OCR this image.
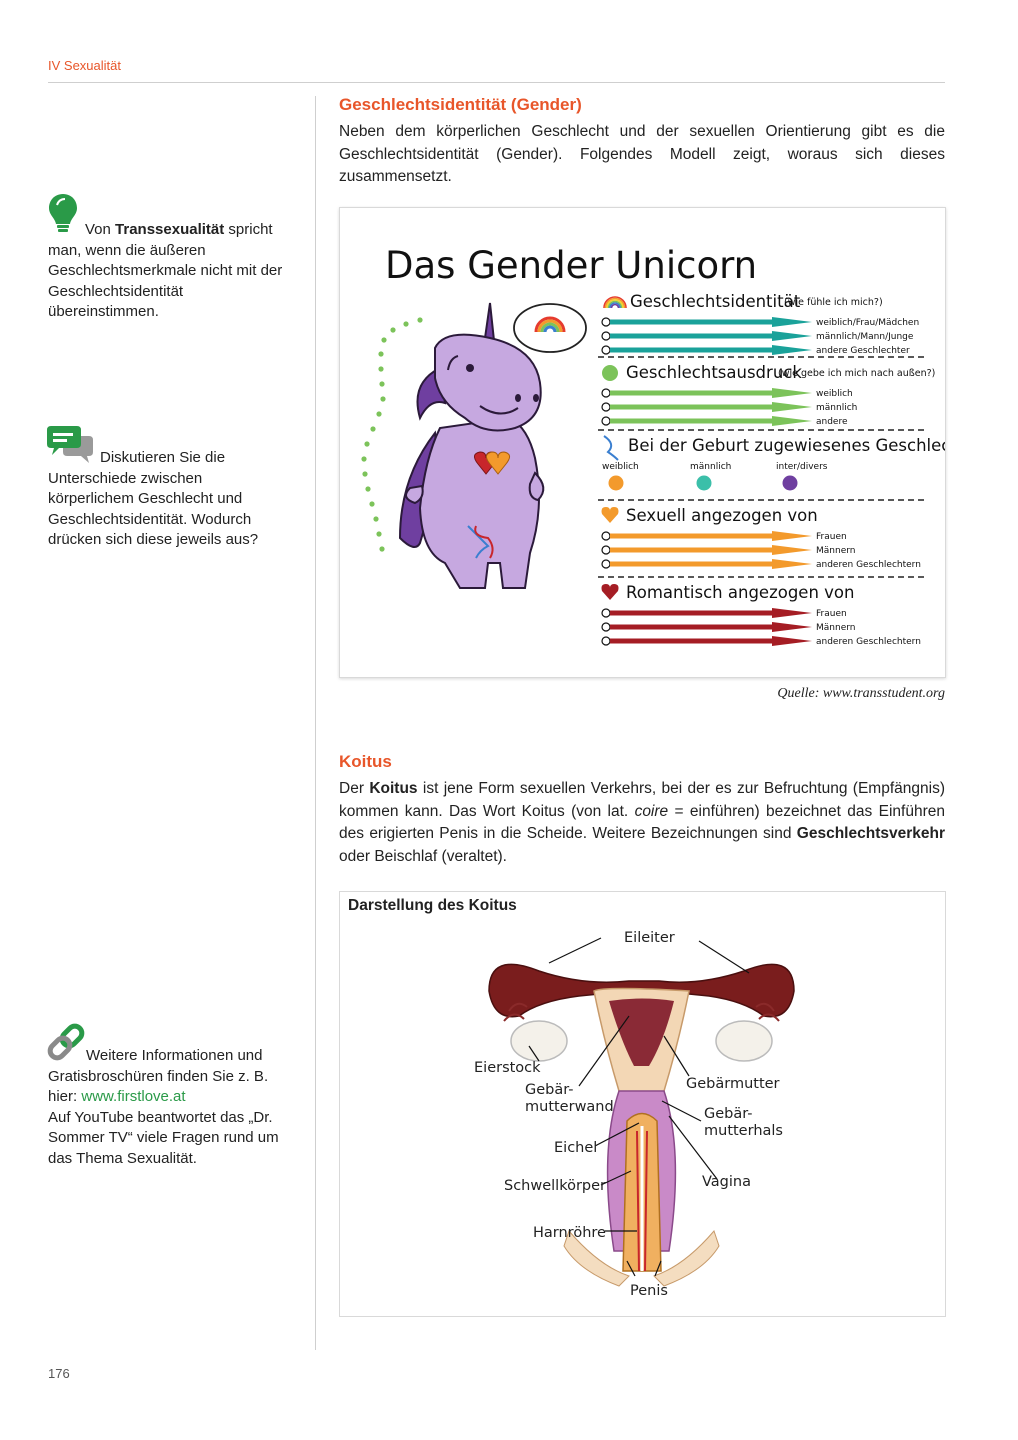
IV Sexualität
Von Transsexualität spricht man, wenn die äußeren Geschlechtsmerkmale nicht mit der Geschlechtsidentität übereinstimmen.
Diskutieren Sie die Unterschiede zwischen körperlichem Geschlecht und Geschlechtsidentität. Wodurch drücken sich diese jeweils aus?
Weitere Informationen und Gratisbroschüren finden Sie z. B. hier: www.firstlove.at
Auf YouTube beantwortet das „Dr. Sommer TV“ viele Fragen rund um das Thema Sexualität.
Geschlechtsidentität (Gender)
Neben dem körperlichen Geschlecht und der sexuellen Orientierung gibt es die Geschlechtsidentität (Gender). Folgendes Modell zeigt, woraus sich dieses zusammensetzt.
Das Gender Unicorn
Geschlechtsidentität
(wie fühle ich mich?)
weiblich/Frau/Mädchen
männlich/Mann/Junge
andere Geschlechter
Geschlechtsausdruck
(wie gebe ich mich nach außen?)
weiblich
männlich
andere
Bei der Geburt zugewiesenes Geschlecht
weiblich	männlich	inter/divers
Sexuell angezogen von
Frauen
Männern
anderen Geschlechtern
Romantisch angezogen von
Frauen
Männern
anderen Geschlechtern
Quelle: www.transstudent.org
Koitus
Der Koitus ist jene Form sexuellen Verkehrs, bei der es zur Befruchtung (Empfängnis) kommen kann. Das Wort Koitus (von lat. coire = einführen) bezeichnet das Einführen des erigierten Penis in die Scheide. Weitere Bezeichnungen sind Geschlechtsverkehr oder Beischlaf (veraltet).
Darstellung des Koitus
Eileiter
Eierstock
Gebär-
mutterwand
Gebärmutter
Gebär-
mutterhals
Eichel
Vagina
Schwellkörper
Harnröhre
Penis
176
